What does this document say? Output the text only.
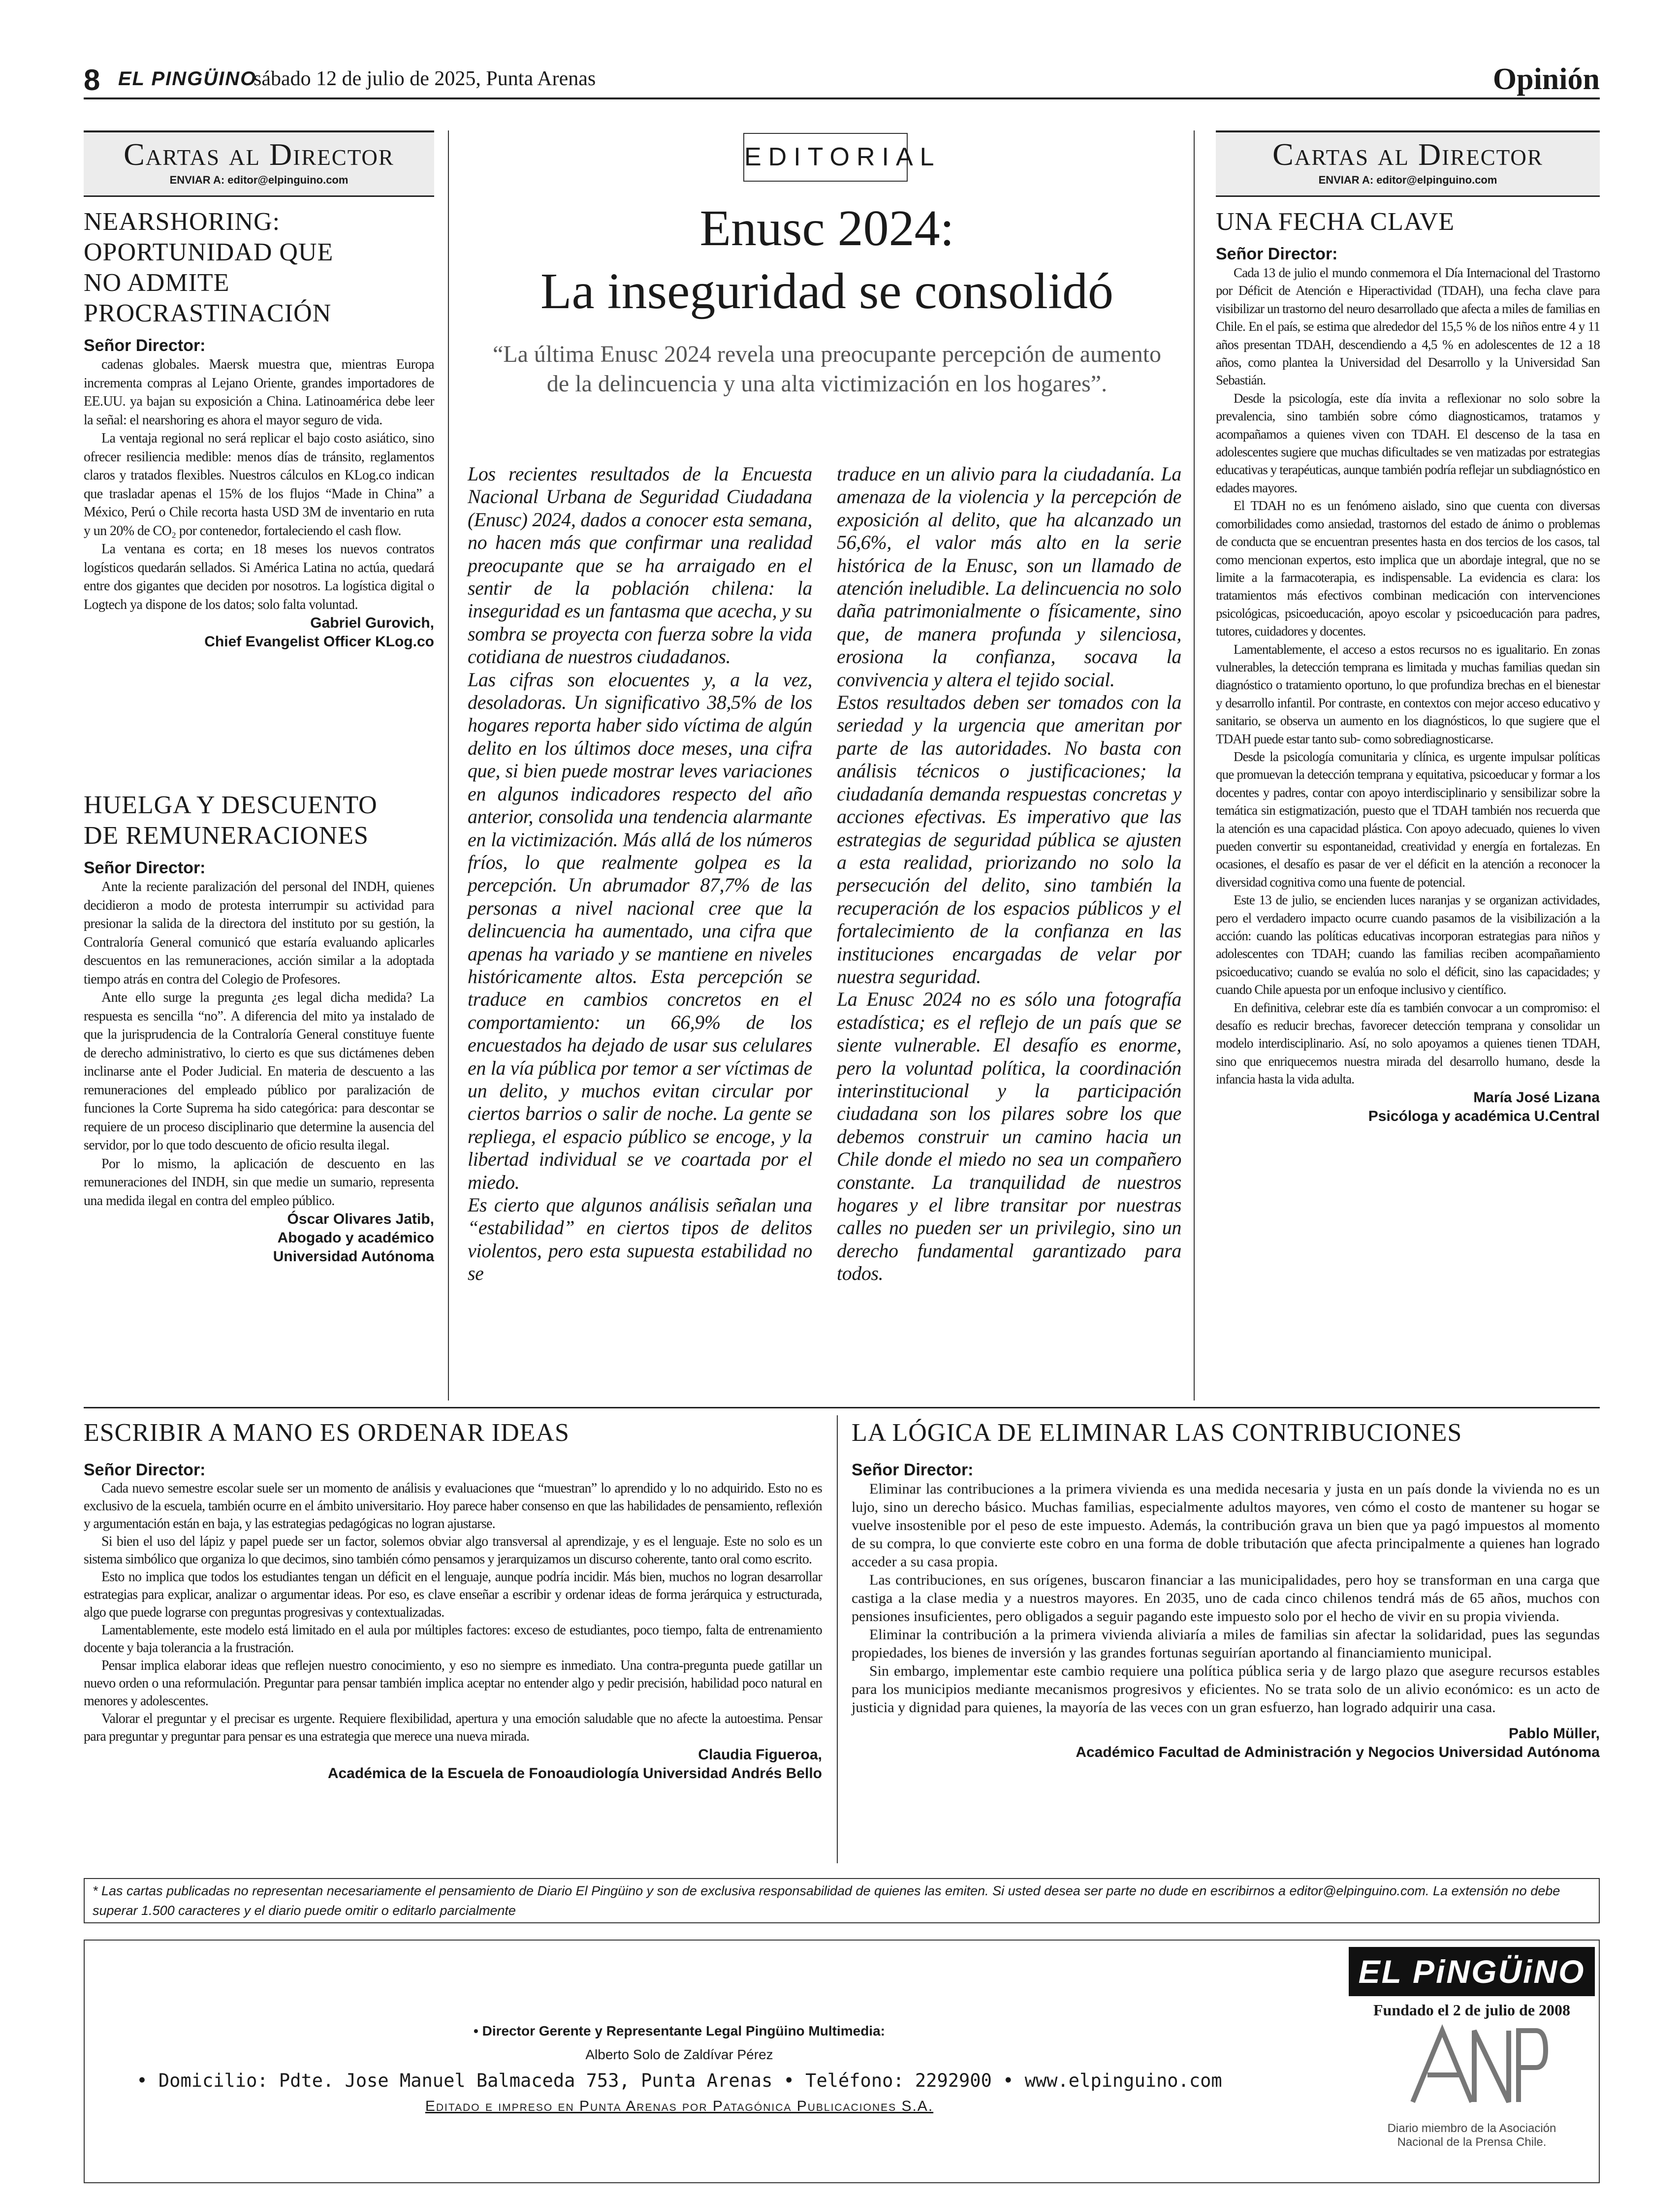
8 EL PINGÜINO
sábado 12 de julio de 2025, Punta Arenas	Opinión
Cartas al Director
ENVIAR A: editor@elpinguino.com
NEARSHORING: OPORTUNIDAD QUE NO ADMITE PROCRASTINACIÓN
Señor Director:

cadenas globales. Maersk muestra que, mientras Europa incrementa compras al Lejano Oriente, grandes importadores de EE.UU. ya bajan su exposición a China. Latinoamérica debe leer la señal: el nearshoring es ahora el mayor seguro de vida.

La ventaja regional no será replicar el bajo costo asiático, sino ofrecer resiliencia medible: menos días de tránsito, reglamentos claros y tratados flexibles. Nuestros cálculos en KLog.co indican que trasladar apenas el 15% de los flujos “Made in China” a México, Perú o Chile recorta hasta USD 3M de inventario en ruta y un 20% de CO₂ por contenedor, fortaleciendo el cash flow.

La ventana es corta; en 18 meses los nuevos contratos logísticos quedarán sellados. Si América Latina no actúa, quedará entre dos gigantes que deciden por nosotros. La logística digital o Logtech ya dispone de los datos; solo falta voluntad.

Gabriel Gurovich,
Chief Evangelist Officer KLog.co
HUELGA Y DESCUENTO DE REMUNERACIONES
Señor Director:

Ante la reciente paralización del personal del INDH, quienes decidieron a modo de protesta interrumpir su actividad para presionar la salida de la directora del instituto por su gestión, la Contraloría General comunicó que estaría evaluando aplicarles descuentos en las remuneraciones, acción similar a la adoptada tiempo atrás en contra del Colegio de Profesores.

Ante ello surge la pregunta ¿es legal dicha medida? La respuesta es sencilla “no”. A diferencia del mito ya instalado de que la jurisprudencia de la Contraloría General constituye fuente de derecho administrativo, lo cierto es que sus dictámenes deben inclinarse ante el Poder Judicial. En materia de descuento a las remuneraciones del empleado público por paralización de funciones la Corte Suprema ha sido categórica: para descontar se requiere de un proceso disciplinario que determine la ausencia del servidor, por lo que todo descuento de oficio resulta ilegal.

Por lo mismo, la aplicación de descuento en las remuneraciones del INDH, sin que medie un sumario, representa una medida ilegal en contra del empleo público.

Óscar Olivares Jatib,
Abogado y académico
Universidad Autónoma
EDITORIAL
Enusc 2024:
La inseguridad se consolidó
“La última Enusc 2024 revela una preocupante percepción de aumento de la delincuencia y una alta victimización en los hogares”.

Los recientes resultados de la Encuesta Nacional Urbana de Seguridad Ciudadana (Enusc) 2024, dados a conocer esta semana, no hacen más que confirmar una realidad preocupante que se ha arraigado en el sentir de la población chilena: la inseguridad es un fantasma que acecha, y su sombra se proyecta con fuerza sobre la vida cotidiana de nuestros ciudadanos.

Las cifras son elocuentes y, a la vez, desoladoras. Un significativo 38,5% de los hogares reporta haber sido víctima de algún delito en los últimos doce meses, una cifra que, si bien puede mostrar leves variaciones en algunos indicadores respecto del año anterior, consolida una tendencia alarmante en la victimización. Más allá de los números fríos, lo que realmente golpea es la percepción. Un abrumador 87,7% de las personas a nivel nacional cree que la delincuencia ha aumentado, una cifra que apenas ha variado y se mantiene en niveles históricamente altos. Esta percepción se traduce en cambios concretos en el comportamiento: un 66,9% de los encuestados ha dejado de usar sus celulares en la vía pública por temor a ser víctimas de un delito, y muchos evitan circular por ciertos barrios o salir de noche. La gente se repliega, el espacio público se encoge, y la libertad individual se ve coartada por el miedo.

Es cierto que algunos análisis señalan una “estabilidad” en ciertos tipos de delitos violentos, pero esta supuesta estabilidad no se

traduce en un alivio para la ciudadanía. La amenaza de la violencia y la percepción de exposición al delito, que ha alcanzado un 56,6%, el valor más alto en la serie histórica de la Enusc, son un llamado de atención ineludible. La delincuencia no solo daña patrimonialmente o físicamente, sino que, de manera profunda y silenciosa, erosiona la confianza, socava la convivencia y altera el tejido social.

Estos resultados deben ser tomados con la seriedad y la urgencia que ameritan por parte de las autoridades. No basta con análisis técnicos o justificaciones; la ciudadanía demanda respuestas concretas y acciones efectivas. Es imperativo que las estrategias de seguridad pública se ajusten a esta realidad, priorizando no solo la persecución del delito, sino también la recuperación de los espacios públicos y el fortalecimiento de la confianza en las instituciones encargadas de velar por nuestra seguridad.

La Enusc 2024 no es sólo una fotografía estadística; es el reflejo de un país que se siente vulnerable. El desafío es enorme, pero la voluntad política, la coordinación interinstitucional y la participación ciudadana son los pilares sobre los que debemos construir un camino hacia un Chile donde el miedo no sea un compañero constante. La tranquilidad de nuestros hogares y el libre transitar por nuestras calles no pueden ser un privilegio, sino un derecho fundamental garantizado para todos.

Cartas al Director
ENVIAR A: editor@elpinguino.com
UNA FECHA CLAVE
Señor Director:

Cada 13 de julio el mundo conmemora el Día Internacional del Trastorno por Déficit de Atención e Hiperactividad (TDAH), una fecha clave para visibilizar un trastorno del neuro desarrollado que afecta a miles de familias en Chile. En el país, se estima que alrededor del 15,5 % de los niños entre 4 y 11 años presentan TDAH, descendiendo a 4,5 % en adolescentes de 12 a 18 años, como plantea la Universidad del Desarrollo y la Universidad San Sebastián.

Desde la psicología, este día invita a reflexionar no solo sobre la prevalencia, sino también sobre cómo diagnosticamos, tratamos y acompañamos a quienes viven con TDAH. El descenso de la tasa en adolescentes sugiere que muchas dificultades se ven matizadas por estrategias educativas y terapéuticas, aunque también podría reflejar un subdiagnóstico en edades mayores.

El TDAH no es un fenómeno aislado, sino que cuenta con diversas comorbilidades como ansiedad, trastornos del estado de ánimo o problemas de conducta que se encuentran presentes hasta en dos tercios de los casos, tal como mencionan expertos, esto implica que un abordaje integral, que no se limite a la farmacoterapia, es indispensable. La evidencia es clara: los tratamientos más efectivos combinan medicación con intervenciones psicológicas, psicoeducación, apoyo escolar y psicoeducación para padres, tutores, cuidadores y docentes.

Lamentablemente, el acceso a estos recursos no es igualitario. En zonas vulnerables, la detección temprana es limitada y muchas familias quedan sin diagnóstico o tratamiento oportuno, lo que profundiza brechas en el bienestar y desarrollo infantil. Por contraste, en contextos con mejor acceso educativo y sanitario, se observa un aumento en los diagnósticos, lo que sugiere que el TDAH puede estar tanto sub- como sobrediagnosticarse.

Desde la psicología comunitaria y clínica, es urgente impulsar políticas que promuevan la detección temprana y equitativa, psicoeducar y formar a los docentes y padres, contar con apoyo interdisciplinario y sensibilizar sobre la temática sin estigmatización, puesto que el TDAH también nos recuerda que la atención es una capacidad plástica. Con apoyo adecuado, quienes lo viven pueden convertir su espontaneidad, creatividad y energía en fortalezas. En ocasiones, el desafío es pasar de ver el déficit en la atención a reconocer la diversidad cognitiva como una fuente de potencial.

Este 13 de julio, se encienden luces naranjas y se organizan actividades, pero el verdadero impacto ocurre cuando pasamos de la visibilización a la acción: cuando las políticas educativas incorporan estrategias para niños y adolescentes con TDAH; cuando las familias reciben acompañamiento psicoeducativo; cuando se evalúa no solo el déficit, sino las capacidades; y cuando Chile apuesta por un enfoque inclusivo y científico.

En definitiva, celebrar este día es también convocar a un compromiso: el desafío es reducir brechas, favorecer detección temprana y consolidar un modelo interdisciplinario. Así, no solo apoyamos a quienes tienen TDAH, sino que enriquecemos nuestra mirada del desarrollo humano, desde la infancia hasta la vida adulta.

María José Lizana
Psicóloga y académica U.Central
ESCRIBIR A MANO ES ORDENAR IDEAS
Señor Director:

Cada nuevo semestre escolar suele ser un momento de análisis y evaluaciones que “muestran” lo aprendido y lo no adquirido. Esto no es exclusivo de la escuela, también ocurre en el ámbito universitario. Hoy parece haber consenso en que las habilidades de pensamiento, reflexión y argumentación están en baja, y las estrategias pedagógicas no logran ajustarse.

Si bien el uso del lápiz y papel puede ser un factor, solemos obviar algo transversal al aprendizaje, y es el lenguaje. Este no solo es un sistema simbólico que organiza lo que decimos, sino también cómo pensamos y jerarquizamos un discurso coherente, tanto oral como escrito.

Esto no implica que todos los estudiantes tengan un déficit en el lenguaje, aunque podría incidir. Más bien, muchos no logran desarrollar estrategias para explicar, analizar o argumentar ideas. Por eso, es clave enseñar a escribir y ordenar ideas de forma jerárquica y estructurada, algo que puede lograrse con preguntas progresivas y contextualizadas.

Lamentablemente, este modelo está limitado en el aula por múltiples factores: exceso de estudiantes, poco tiempo, falta de entrenamiento docente y baja tolerancia a la frustración.

Pensar implica elaborar ideas que reflejen nuestro conocimiento, y eso no siempre es inmediato. Una contra-pregunta puede gatillar un nuevo orden o una reformulación. Preguntar para pensar también implica aceptar no entender algo y pedir precisión, habilidad poco natural en menores y adolescentes.

Valorar el preguntar y el precisar es urgente. Requiere flexibilidad, apertura y una emoción saludable que no afecte la autoestima. Pensar para preguntar y preguntar para pensar es una estrategia que merece una nueva mirada.

Claudia Figueroa,
Académica de la Escuela de Fonoaudiología Universidad Andrés Bello
LA LÓGICA DE ELIMINAR LAS CONTRIBUCIONES
Señor Director:

Eliminar las contribuciones a la primera vivienda es una medida necesaria y justa en un país donde la vivienda no es un lujo, sino un derecho básico. Muchas familias, especialmente adultos mayores, ven cómo el costo de mantener su hogar se vuelve insostenible por el peso de este impuesto. Además, la contribución grava un bien que ya pagó impuestos al momento de su compra, lo que convierte este cobro en una forma de doble tributación que afecta principalmente a quienes han logrado acceder a su casa propia.

Las contribuciones, en sus orígenes, buscaron financiar a las municipalidades, pero hoy se transforman en una carga que castiga a la clase media y a nuestros mayores. En 2035, uno de cada cinco chilenos tendrá más de 65 años, muchos con pensiones insuficientes, pero obligados a seguir pagando este impuesto solo por el hecho de vivir en su propia vivienda.

Eliminar la contribución a la primera vivienda aliviaría a miles de familias sin afectar la solidaridad, pues las segundas propiedades, los bienes de inversión y las grandes fortunas seguirían aportando al financiamiento municipal.

Sin embargo, implementar este cambio requiere una política pública seria y de largo plazo que asegure recursos estables para los municipios mediante mecanismos progresivos y eficientes. No se trata solo de un alivio económico: es un acto de justicia y dignidad para quienes, la mayoría de las veces con un gran esfuerzo, han logrado adquirir una casa.

Pablo Müller,
Académico Facultad de Administración y Negocios Universidad Autónoma
* Las cartas publicadas no representan necesariamente el pensamiento de Diario El Pingüino y son de exclusiva responsabilidad de quienes las emiten. Si usted desea ser parte no dude en escribirnos a editor@elpinguino.com. La extensión no debe superar 1.500 caracteres y el diario puede omitir o editarlo parcialmente
• Director Gerente y Representante Legal Pingüino Multimedia:
Alberto Solo de Zaldívar Pérez
• Domicilio: Pdte. Jose Manuel Balmaceda 753, Punta Arenas • Teléfono: 2292900 • www.elpinguino.com
Editado e impreso en Punta Arenas por Patagónica Publicaciones S.A.
EL PiNGÜiNO
Fundado el 2 de julio de 2008
Diario miembro de la Asociación Nacional de la Prensa Chile.
